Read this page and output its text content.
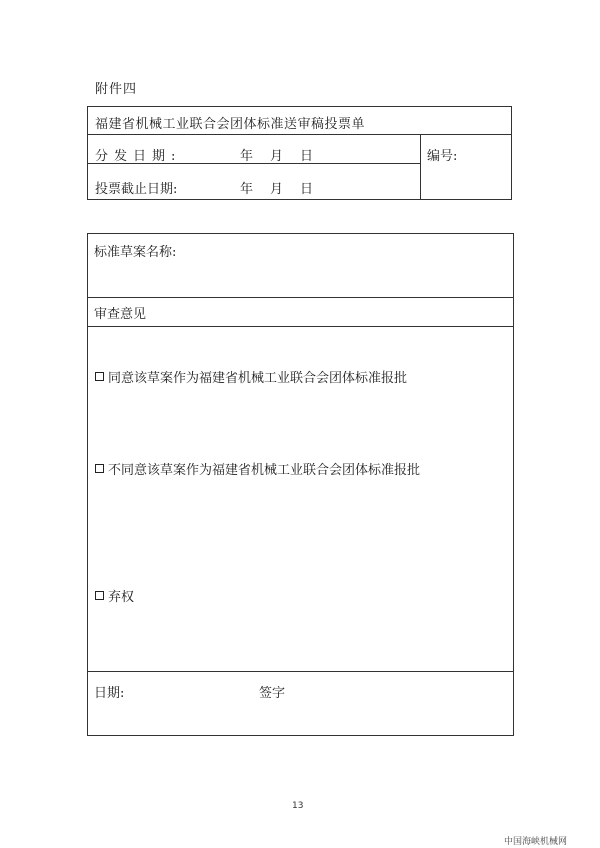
附件四
福建省机械工业联合会团体标准送审稿投票单
分发日期:	年 月 日
投票截止日期:	年 月 日
编号:
标准草案名称:
审查意见
同意该草案作为福建省机械工业联合会团体标准报批
不同意该草案作为福建省机械工业联合会团体标准报批
弃权
日期:	签字
13
中国海峡机械网
